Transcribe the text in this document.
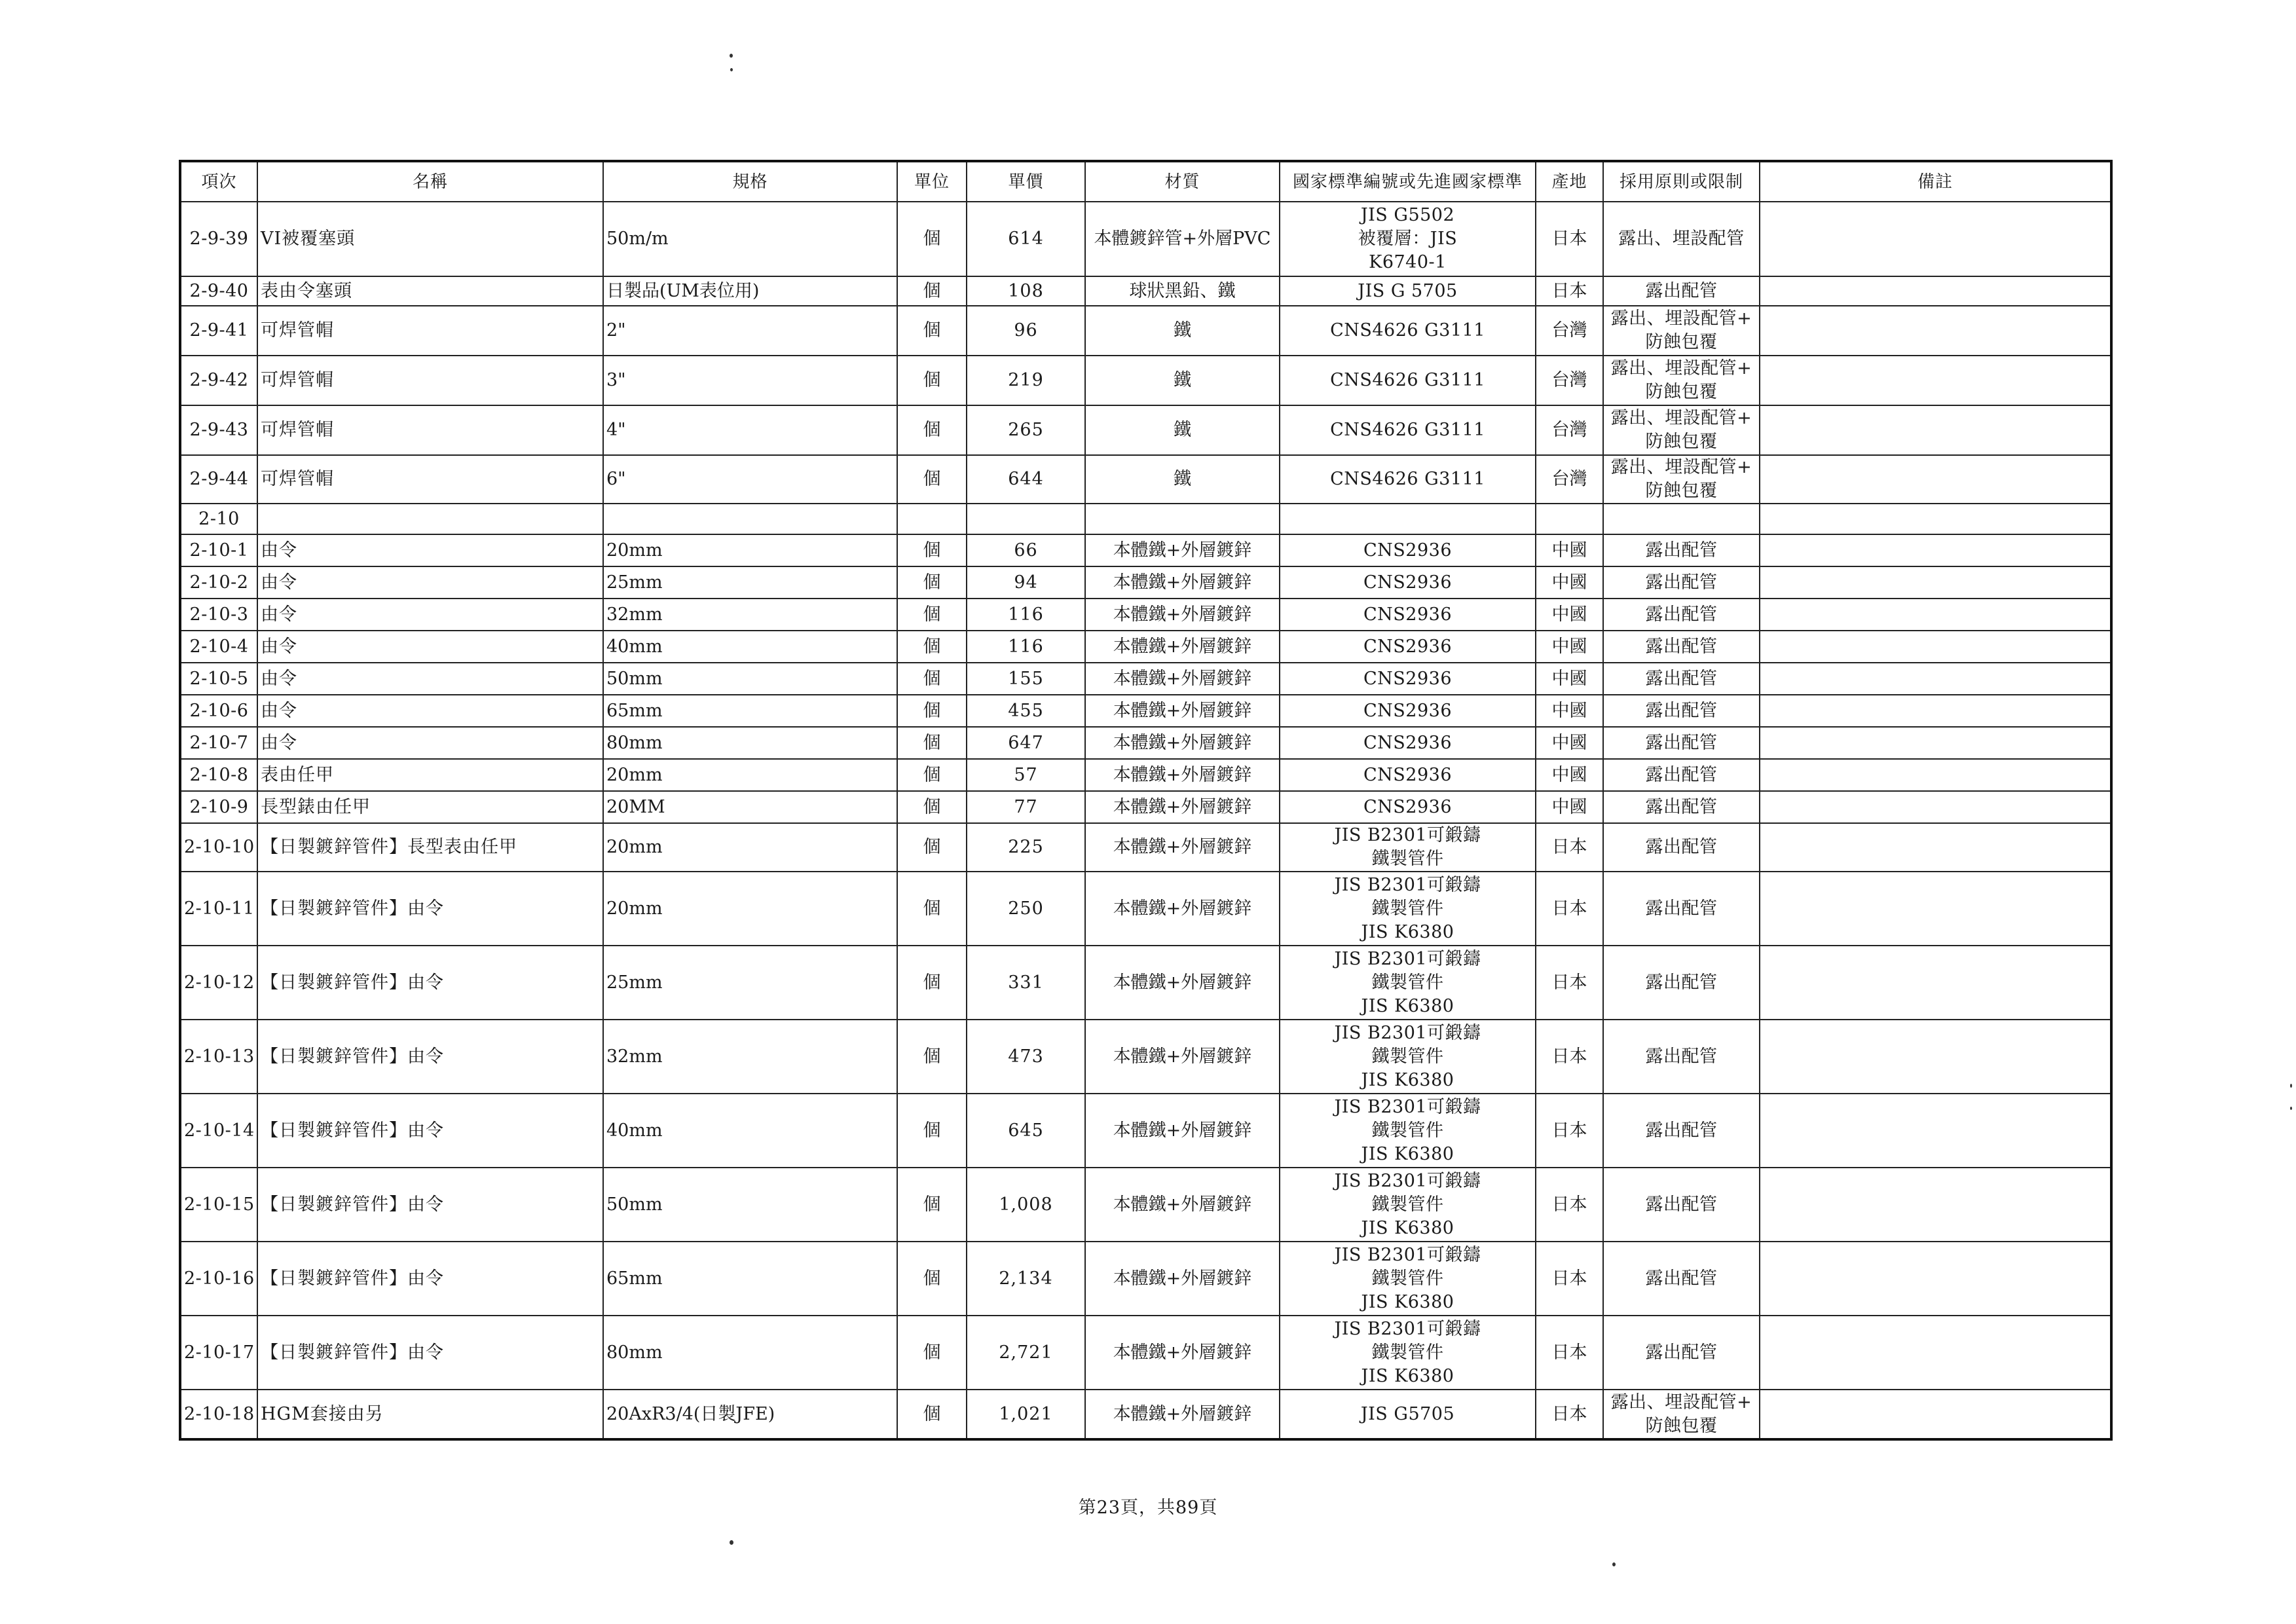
項次	名稱	規格	單位	單價	材質	國家標準編號或先進國家標準	產地	採用原則或限制	備註
2-9-39	VI被覆塞頭	50m/m	個	614	本體鍍鋅管+外層PVC	JIS G5502
被覆層：JIS
K6740-1	日本	露出、埋設配管	

2-9-40	表由令塞頭	日製品(UM表位用)	個	108	球狀黑鉛、鐵	JIS G 5705	日本	露出配管	

2-9-41	可焊管帽	2"	個	96	鐵	CNS4626 G3111	台灣	露出、埋設配管+
防蝕包覆	

2-9-42	可焊管帽	3"	個	219	鐵	CNS4626 G3111	台灣	露出、埋設配管+
防蝕包覆	

2-9-43	可焊管帽	4"	個	265	鐵	CNS4626 G3111	台灣	露出、埋設配管+
防蝕包覆	

2-9-44	可焊管帽	6"	個	644	鐵	CNS4626 G3111	台灣	露出、埋設配管+
防蝕包覆	

2-10									
2-10-1	由令	20mm	個	66	本體鐵+外層鍍鋅	CNS2936	中國	露出配管	

2-10-2	由令	25mm	個	94	本體鐵+外層鍍鋅	CNS2936	中國	露出配管	

2-10-3	由令	32mm	個	116	本體鐵+外層鍍鋅	CNS2936	中國	露出配管	

2-10-4	由令	40mm	個	116	本體鐵+外層鍍鋅	CNS2936	中國	露出配管	

2-10-5	由令	50mm	個	155	本體鐵+外層鍍鋅	CNS2936	中國	露出配管	

2-10-6	由令	65mm	個	455	本體鐵+外層鍍鋅	CNS2936	中國	露出配管	

2-10-7	由令	80mm	個	647	本體鐵+外層鍍鋅	CNS2936	中國	露出配管	

2-10-8	表由任甲	20mm	個	57	本體鐵+外層鍍鋅	CNS2936	中國	露出配管	

2-10-9	長型錶由任甲	20MM	個	77	本體鐵+外層鍍鋅	CNS2936	中國	露出配管	

2-10-10	【日製鍍鋅管件】長型表由任甲	20mm	個	225	本體鐵+外層鍍鋅	JIS B2301可鍛鑄
鐵製管件	日本	露出配管	

2-10-11	【日製鍍鋅管件】由令	20mm	個	250	本體鐵+外層鍍鋅	JIS B2301可鍛鑄
鐵製管件
JIS K6380	日本	露出配管	

2-10-12	【日製鍍鋅管件】由令	25mm	個	331	本體鐵+外層鍍鋅	JIS B2301可鍛鑄
鐵製管件
JIS K6380	日本	露出配管	

2-10-13	【日製鍍鋅管件】由令	32mm	個	473	本體鐵+外層鍍鋅	JIS B2301可鍛鑄
鐵製管件
JIS K6380	日本	露出配管	

2-10-14	【日製鍍鋅管件】由令	40mm	個	645	本體鐵+外層鍍鋅	JIS B2301可鍛鑄
鐵製管件
JIS K6380	日本	露出配管	

2-10-15	【日製鍍鋅管件】由令	50mm	個	1,008	本體鐵+外層鍍鋅	JIS B2301可鍛鑄
鐵製管件
JIS K6380	日本	露出配管	

2-10-16	【日製鍍鋅管件】由令	65mm	個	2,134	本體鐵+外層鍍鋅	JIS B2301可鍛鑄
鐵製管件
JIS K6380	日本	露出配管	

2-10-17	【日製鍍鋅管件】由令	80mm	個	2,721	本體鐵+外層鍍鋅	JIS B2301可鍛鑄
鐵製管件
JIS K6380	日本	露出配管	

2-10-18	HGM套接由另	20AxR3/4(日製JFE)	個	1,021	本體鐵+外層鍍鋅	JIS G5705	日本	露出、埋設配管+
防蝕包覆	

第23頁，共89頁
